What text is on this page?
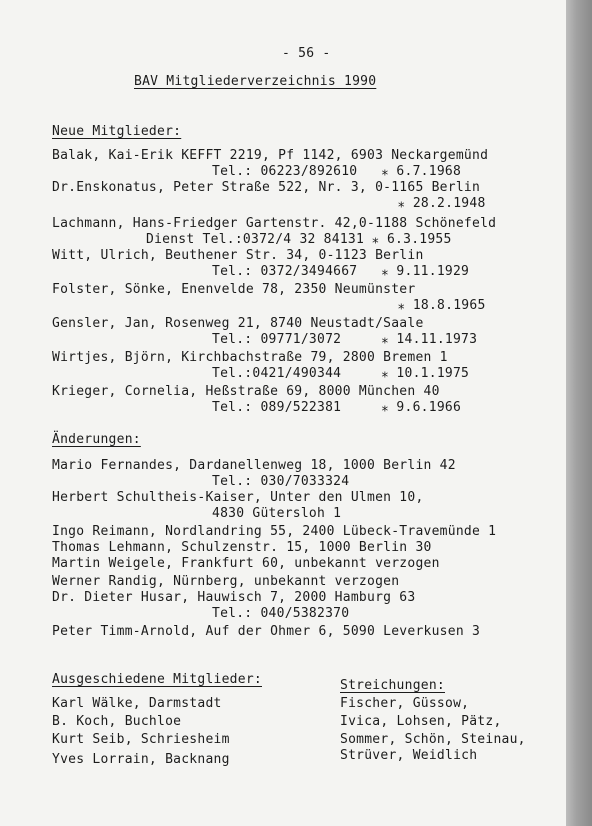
- 56 -
BAV Mitgliederverzeichnis 1990
Neue Mitglieder:
Balak, Kai-Erik KEFFT 2219, Pf 1142, 6903 Neckargemünd
Tel.: 06223/892610   ⁎ 6.7.1968
Dr.Enskonatus, Peter Straße 522, Nr. 3, 0-1165 Berlin
⁎ 28.2.1948
Lachmann, Hans-Friedger Gartenstr. 42,0-1188 Schönefeld
Dienst Tel.:0372/4 32 84131 ⁎ 6.3.1955
Witt, Ulrich, Beuthener Str. 34, 0-1123 Berlin
Tel.: 0372/3494667   ⁎ 9.11.1929
Folster, Sönke, Enenvelde 78, 2350 Neumünster
⁎ 18.8.1965
Gensler, Jan, Rosenweg 21, 8740 Neustadt/Saale
Tel.: 09771/3072     ⁎ 14.11.1973
Wirtjes, Björn, Kirchbachstraße 79, 2800 Bremen 1
Tel.:0421/490344     ⁎ 10.1.1975
Krieger, Cornelia, Heßstraße 69, 8000 München 40
Tel.: 089/522381     ⁎ 9.6.1966
Änderungen:
Mario Fernandes, Dardanellenweg 18, 1000 Berlin 42
Tel.: 030/7033324
Herbert Schultheis-Kaiser, Unter den Ulmen 10,
4830 Gütersloh 1
Ingo Reimann, Nordlandring 55, 2400 Lübeck-Travemünde 1
Thomas Lehmann, Schulzenstr. 15, 1000 Berlin 30
Martin Weigele, Frankfurt 60, unbekannt verzogen
Werner Randig, Nürnberg, unbekannt verzogen
Dr. Dieter Husar, Hauwisch 7, 2000 Hamburg 63
Tel.: 040/5382370
Peter Timm-Arnold, Auf der Ohmer 6, 5090 Leverkusen 3
Ausgeschiedene Mitglieder:
Karl Wälke, Darmstadt
B. Koch, Buchloe
Kurt Seib, Schriesheim
Yves Lorrain, Backnang
Streichungen:
Fischer, Güssow,
Ivica, Lohsen, Pätz,
Sommer, Schön, Steinau,
Strüver, Weidlich
